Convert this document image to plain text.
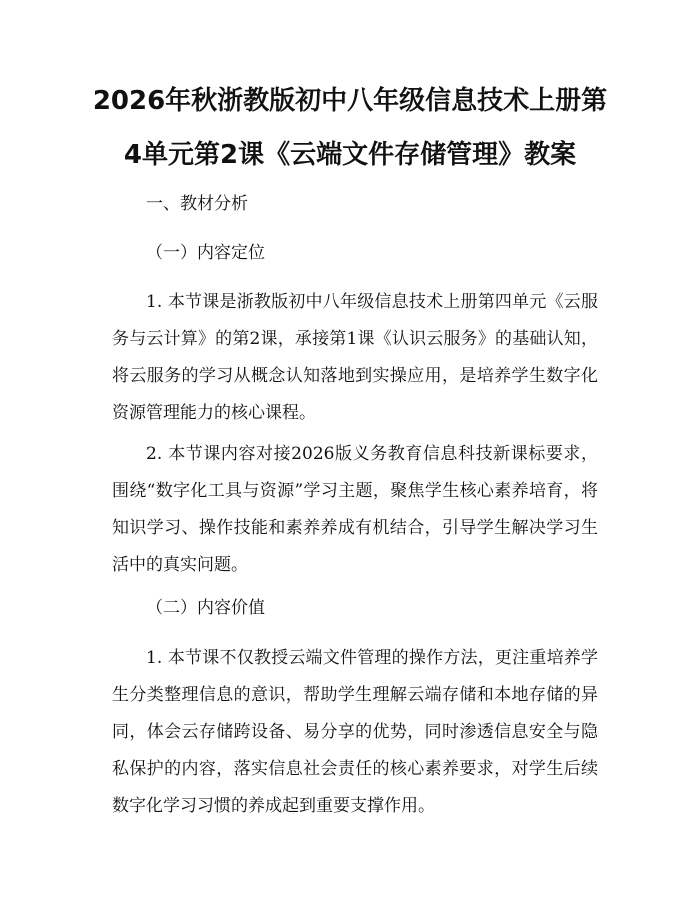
2026年秋浙教版初中八年级信息技术上册第
4单元第2课《云端文件存储管理》教案
一、教材分析
（一）内容定位
1. 本节课是浙教版初中八年级信息技术上册第四单元《云服务与云计算》的第2课，承接第1课《认识云服务》的基础认知，将云服务的学习从概念认知落地到实操应用，是培养学生数字化资源管理能力的核心课程。
2. 本节课内容对接2026版义务教育信息科技新课标要求，围绕“数字化工具与资源”学习主题，聚焦学生核心素养培育，将知识学习、操作技能和素养养成有机结合，引导学生解决学习生活中的真实问题。
（二）内容价值
1. 本节课不仅教授云端文件管理的操作方法，更注重培养学生分类整理信息的意识，帮助学生理解云端存储和本地存储的异同，体会云存储跨设备、易分享的优势，同时渗透信息安全与隐私保护的内容，落实信息社会责任的核心素养要求，对学生后续数字化学习习惯的养成起到重要支撑作用。
